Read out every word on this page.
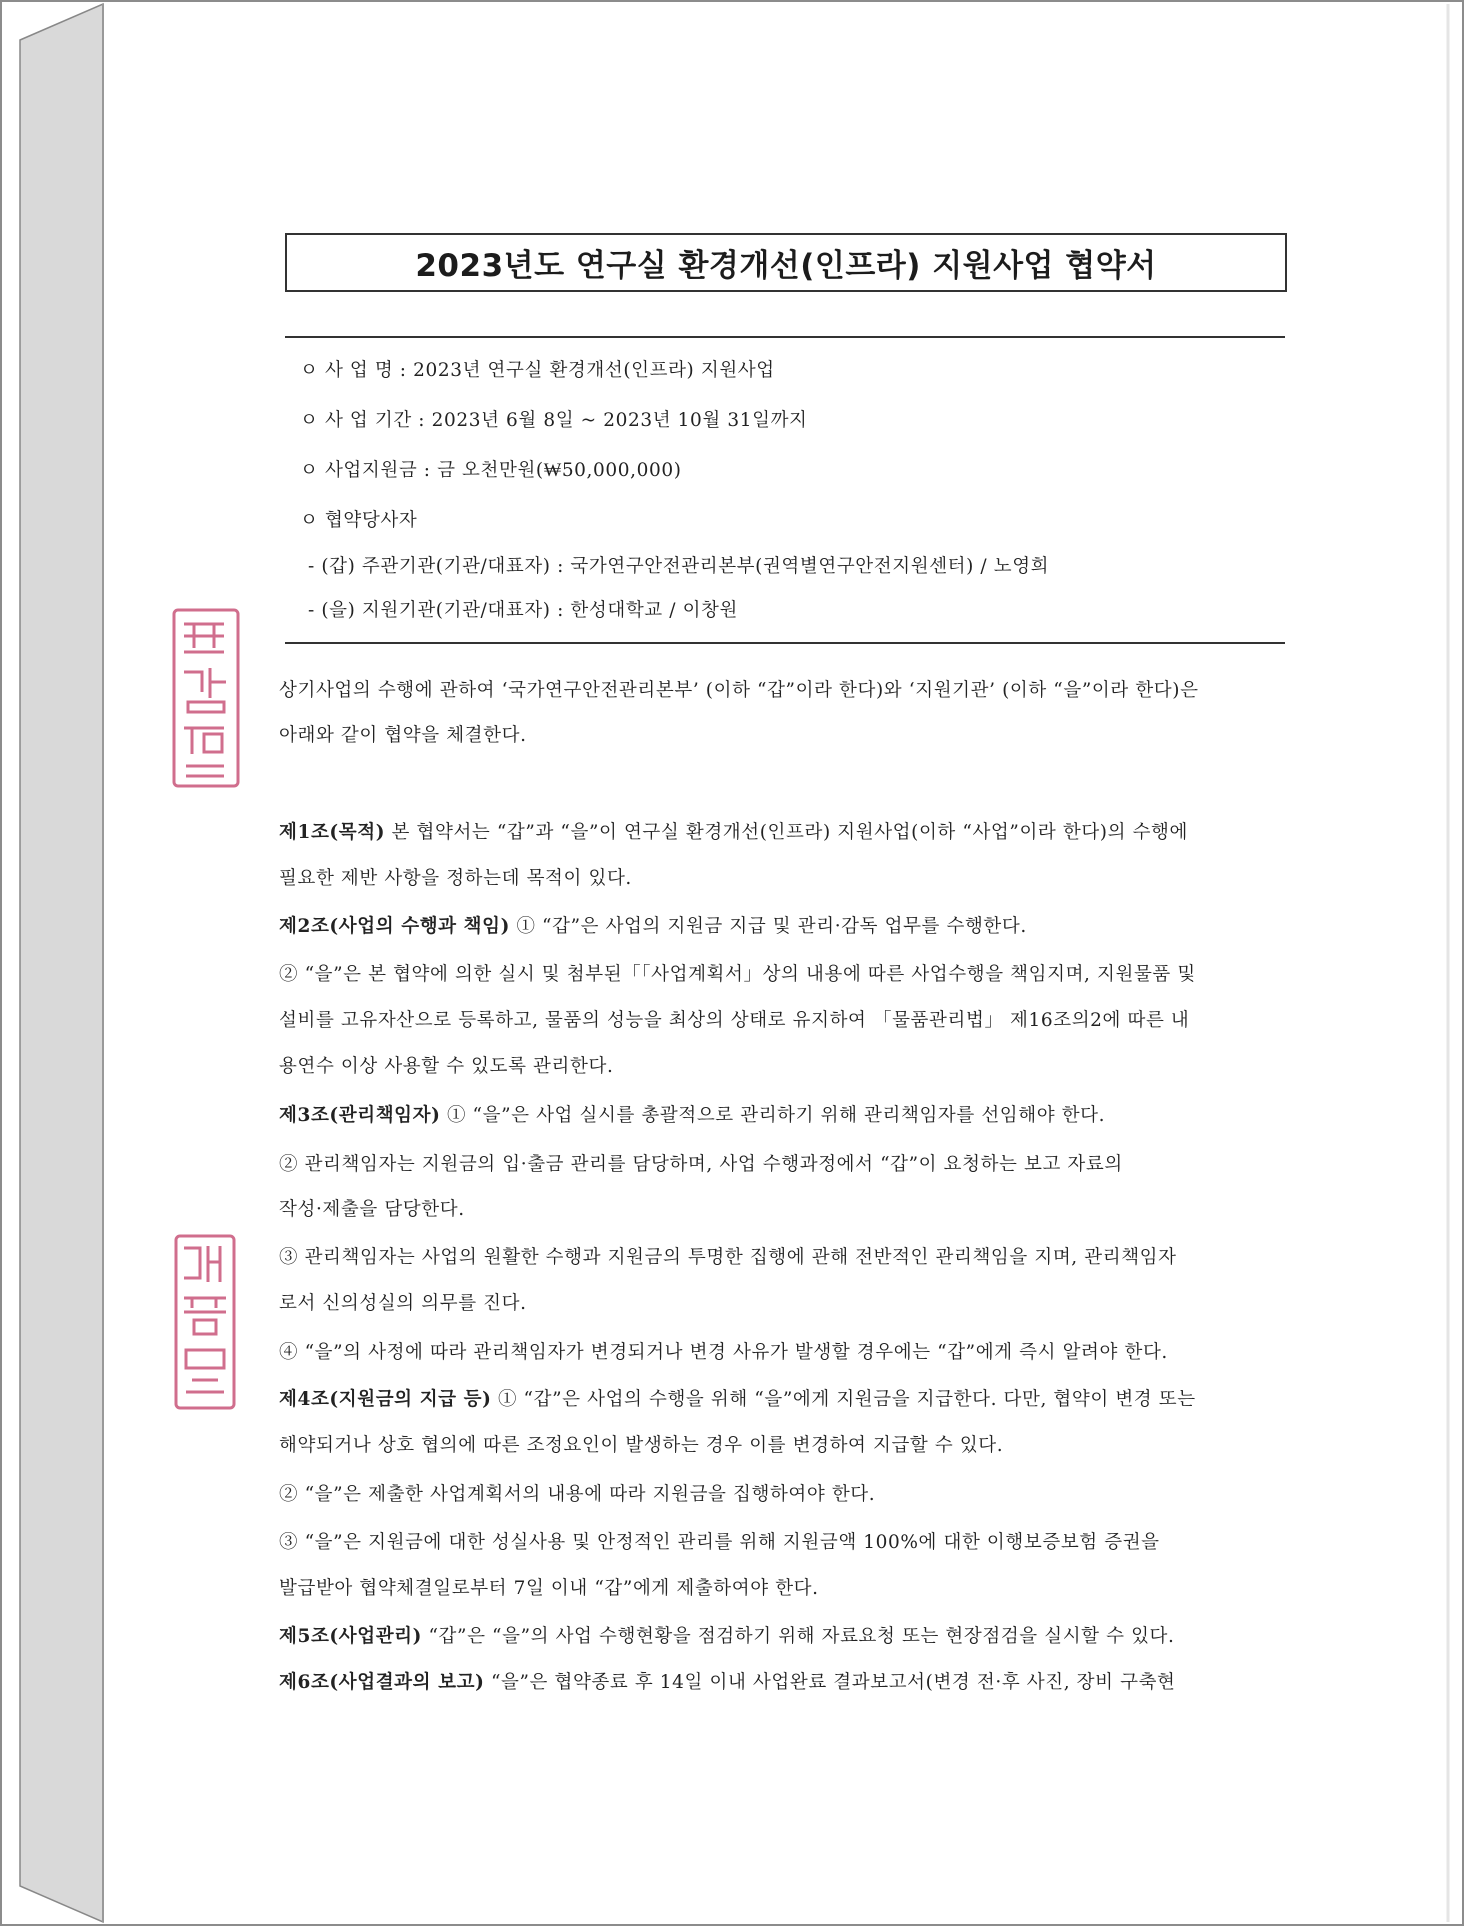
2023년도 연구실 환경개선(인프라) 지원사업 협약서
ㅇ 사 업 명 : 2023년 연구실 환경개선(인프라) 지원사업
ㅇ 사 업 기간 : 2023년 6월 8일 ~ 2023년 10월 31일까지
ㅇ 사업지원금 : 금 오천만원(₩50,000,000)
ㅇ 협약당사자
- (갑) 주관기관(기관/대표자) : 국가연구안전관리본부(권역별연구안전지원센터) / 노영희
- (을) 지원기관(기관/대표자) : 한성대학교 / 이창원
상기사업의 수행에 관하여 ‘국가연구안전관리본부’ (이하 “갑”이라 한다)와 ‘지원기관’ (이하 “을”이라 한다)은
아래와 같이 협약을 체결한다.
제1조(목적) 본 협약서는 “갑”과 “을”이 연구실 환경개선(인프라) 지원사업(이하 “사업”이라 한다)의 수행에
필요한 제반 사항을 정하는데 목적이 있다.
제2조(사업의 수행과 책임) ① “갑”은 사업의 지원금 지급 및 관리·감독 업무를 수행한다.
② “을”은 본 협약에 의한 실시 및 첨부된「「사업계획서」상의 내용에 따른 사업수행을 책임지며, 지원물품 및
설비를 고유자산으로 등록하고, 물품의 성능을 최상의 상태로 유지하여 「물품관리법」 제16조의2에 따른 내
용연수 이상 사용할 수 있도록 관리한다.
제3조(관리책임자) ① “을”은 사업 실시를 총괄적으로 관리하기 위해 관리책임자를 선임해야 한다.
② 관리책임자는 지원금의 입·출금 관리를 담당하며, 사업 수행과정에서 “갑”이 요청하는 보고 자료의
작성·제출을 담당한다.
③ 관리책임자는 사업의 원활한 수행과 지원금의 투명한 집행에 관해 전반적인 관리책임을 지며, 관리책임자
로서 신의성실의 의무를 진다.
④ “을”의 사정에 따라 관리책임자가 변경되거나 변경 사유가 발생할 경우에는 “갑”에게 즉시 알려야 한다.
제4조(지원금의 지급 등) ① “갑”은 사업의 수행을 위해 “을”에게 지원금을 지급한다. 다만, 협약이 변경 또는
해약되거나 상호 협의에 따른 조정요인이 발생하는 경우 이를 변경하여 지급할 수 있다.
② “을”은 제출한 사업계획서의 내용에 따라 지원금을 집행하여야 한다.
③ “을”은 지원금에 대한 성실사용 및 안정적인 관리를 위해 지원금액 100%에 대한 이행보증보험 증권을
발급받아 협약체결일로부터 7일 이내 “갑”에게 제출하여야 한다.
제5조(사업관리) “갑”은 “을”의 사업 수행현황을 점검하기 위해 자료요청 또는 현장점검을 실시할 수 있다.
제6조(사업결과의 보고) “을”은 협약종료 후 14일 이내 사업완료 결과보고서(변경 전·후 사진, 장비 구축현
